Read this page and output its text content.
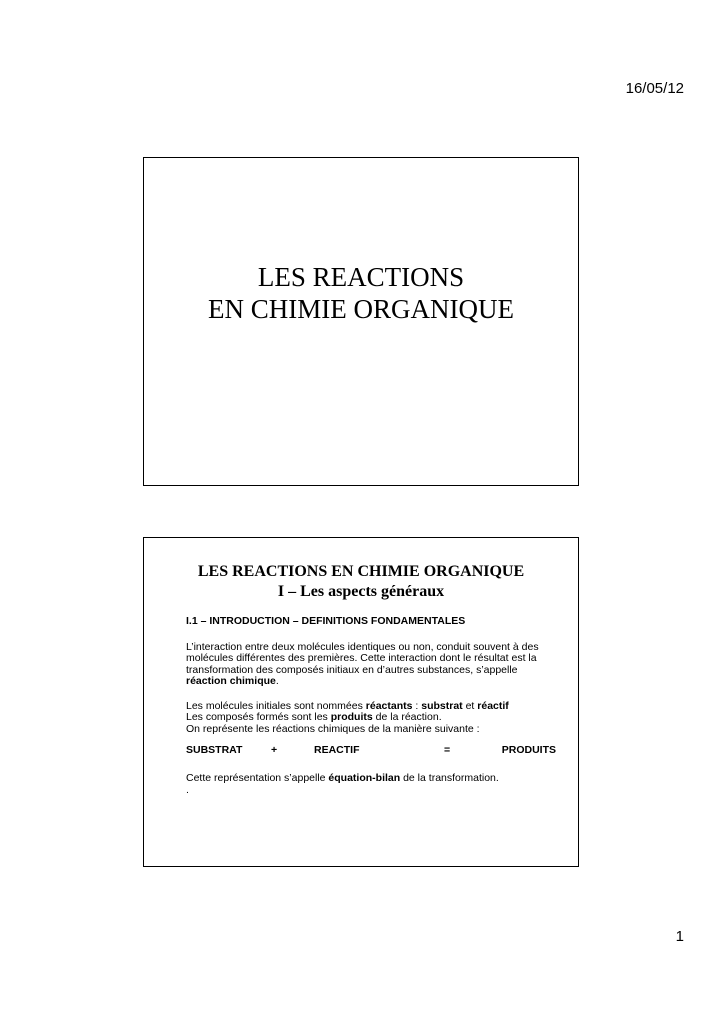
16/05/12
LES REACTIONS
EN CHIMIE ORGANIQUE
LES REACTIONS EN CHIMIE ORGANIQUE
I – Les aspects généraux

I.1 – INTRODUCTION – DEFINITIONS FONDAMENTALES

L’interaction entre deux molécules identiques ou non, conduit souvent à des molécules différentes des premières. Cette interaction dont le résultat est la transformation des composés initiaux en d’autres substances, s’appelle réaction chimique.

Les molécules initiales sont nommées réactants : substrat et réactif

Les composés formés sont les produits de la réaction.

On représente les réactions chimiques de la manière suivante :

SUBSTRAT	+	REACTIF	=	PRODUITS

Cette représentation s’appelle équation-bilan de la transformation.

.

1
